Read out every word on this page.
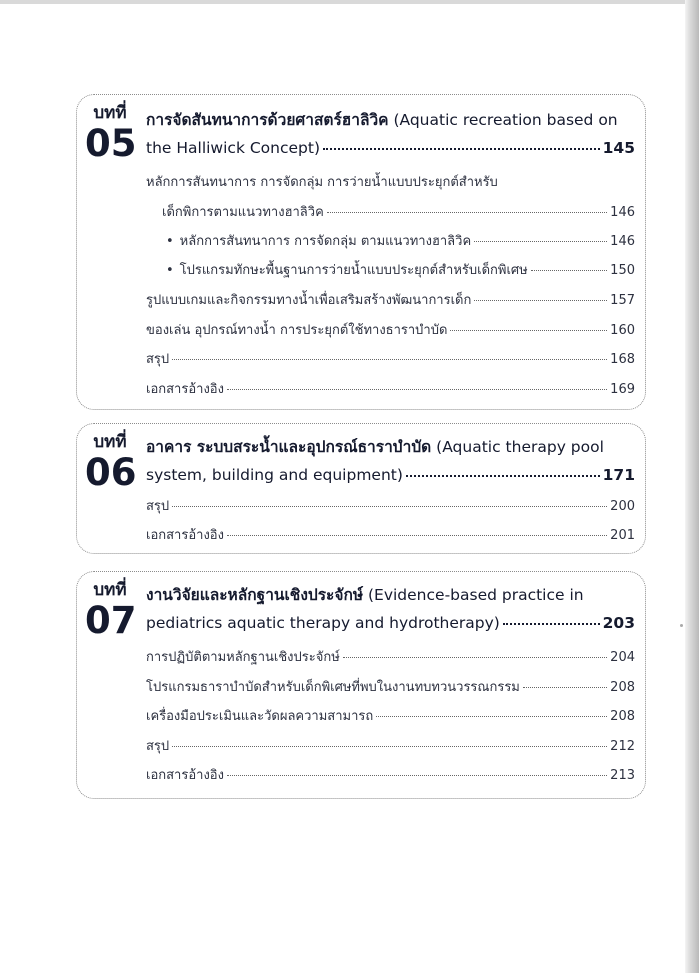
บทที่
05
การจัดสันทนาการด้วยศาสตร์ฮาลิวิค (Aquatic recreation based on
the Halliwick Concept)	145
หลักการสันทนาการ การจัดกลุ่ม การว่ายน้ำแบบประยุกต์สำหรับ
เด็กพิการตามแนวทางฮาลิวิค	146
• หลักการสันทนาการ การจัดกลุ่ม ตามแนวทางฮาลิวิค	146
• โปรแกรมทักษะพื้นฐานการว่ายน้ำแบบประยุกต์สำหรับเด็กพิเศษ	150
รูปแบบเกมและกิจกรรมทางน้ำเพื่อเสริมสร้างพัฒนาการเด็ก	157
ของเล่น อุปกรณ์ทางน้ำ การประยุกต์ใช้ทางธาราบำบัด	160
สรุป	168
เอกสารอ้างอิง	169
บทที่
06
อาคาร ระบบสระน้ำและอุปกรณ์ธาราบำบัด (Aquatic therapy pool
system, building and equipment)	171
สรุป	200
เอกสารอ้างอิง	201
บทที่
07
งานวิจัยและหลักฐานเชิงประจักษ์ (Evidence-based practice in
pediatrics aquatic therapy and hydrotherapy)	203
การปฏิบัติตามหลักฐานเชิงประจักษ์	204
โปรแกรมธาราบำบัดสำหรับเด็กพิเศษที่พบในงานทบทวนวรรณกรรม	208
เครื่องมือประเมินและวัดผลความสามารถ	208
สรุป	212
เอกสารอ้างอิง	213
